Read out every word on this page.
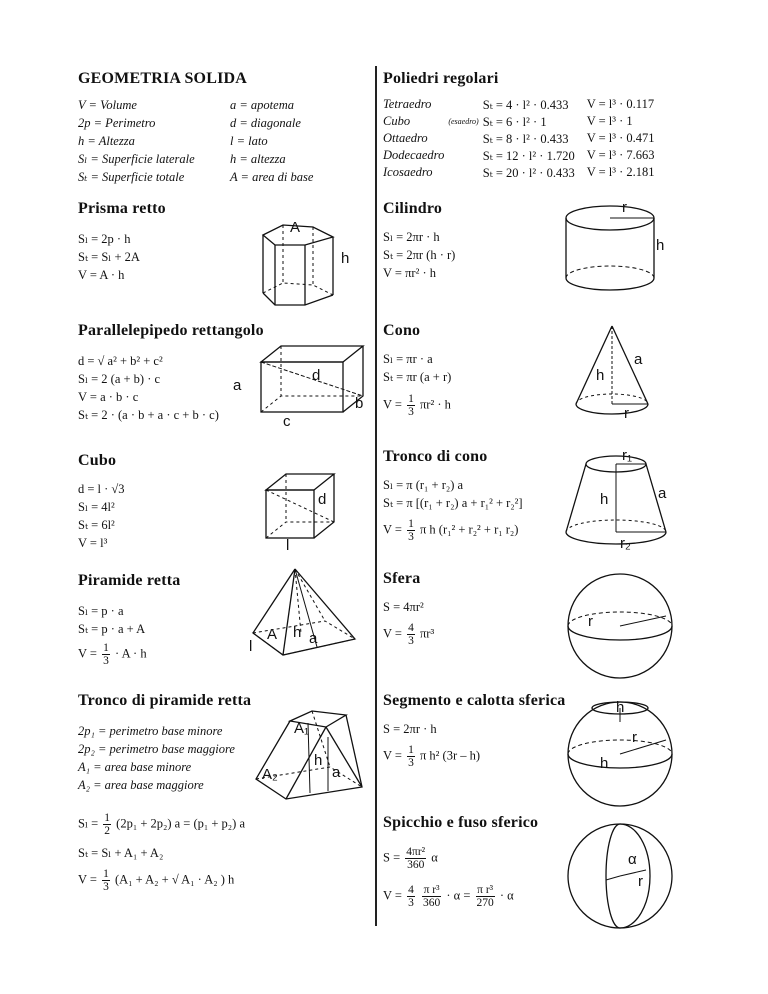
GEOMETRIA SOLIDA
V = Volume
2p = Perimetro
h = Altezza
Sₗ = Superficie laterale
Sₜ = Superficie totale
a = apotema
d = diagonale
l = lato
h = altezza
A = area di base
Prisma retto
Sₗ = 2p · h
Sₜ = Sₗ + 2A
V = A · h
A
h
Parallelepipedo rettangolo
d = √ a² + b² + c²
Sₗ = 2 (a + b) · c
V = a · b · c
Sₜ = 2 · (a · b + a · c + b · c)
a
b
c
d
Cubo
d = l · √3
Sₗ = 4l²
Sₜ = 6l²
V = l³
d
l
Piramide retta
Sₗ = p · a
Sₜ = p · a + A
$V = \frac{1}{3} \cdot A \cdot h$
A h a
l
Tronco di piramide retta
2p₁ = perimetro base minore
2p₂ = perimetro base maggiore
A₁ = area base minore
A₂ = area base maggiore
$S_l = \frac{1}{2} (2p_1 + 2p_2) a = (p_1 + p_2)$ a
Sₜ = Sₗ + A₁ + A₂
$V = \frac{1}{3} (A_1 + A_2$ + √ A₁ · A₂ ) h
A₁
A₂
h
a
Poliedri regolari
Tetraedro		Sₜ = 4 · l² · 0.433	V = l³ · 0.117
Cubo	(esaedro)	Sₜ = 6 · l² · 1	V = l³ · 1
Ottaedro		Sₜ = 8 · l² · 0.433	V = l³ · 0.471
Dodecaedro		Sₜ = 12 · l² · 1.720	V = l³ · 7.663
Icosaedro		Sₜ = 20 · l² · 0.433	V = l³ · 2.181
Cilindro
Sₗ = 2πr · h
Sₜ = 2πr (h · r)
V = πr² · h
r
h
Cono
Sₗ = πr · a
Sₜ = πr (a + r)
$V = \frac{1}{3} \pi r^2 \cdot h$
a
h
r
Tronco di cono
Sₗ = π (r₁ + r₂) a
Sₜ = π [(r₁ + r₂) a + r₁² + r₂²]
$V = \frac{1}{3}$ π h (r₁² + r₂² + r₁ r₂)
r₁
r₂
h	a
Sfera
S = 4πr²
$V = \frac{4}{3} \pi r^3$
r
Segmento e calotta sferica
S = 2πr · h
$V = \frac{1}{3}$ π h² (3r – h)
h
h
r
Spicchio e fuso sferico
$S = \frac{\text{4πr²}}{360}$ α
$V = \frac{4}{3}$
$\frac{\text{π r³}}{360} \cdot \alpha = \frac{\text{π r³}}{270} \cdot \alpha$
α
r
